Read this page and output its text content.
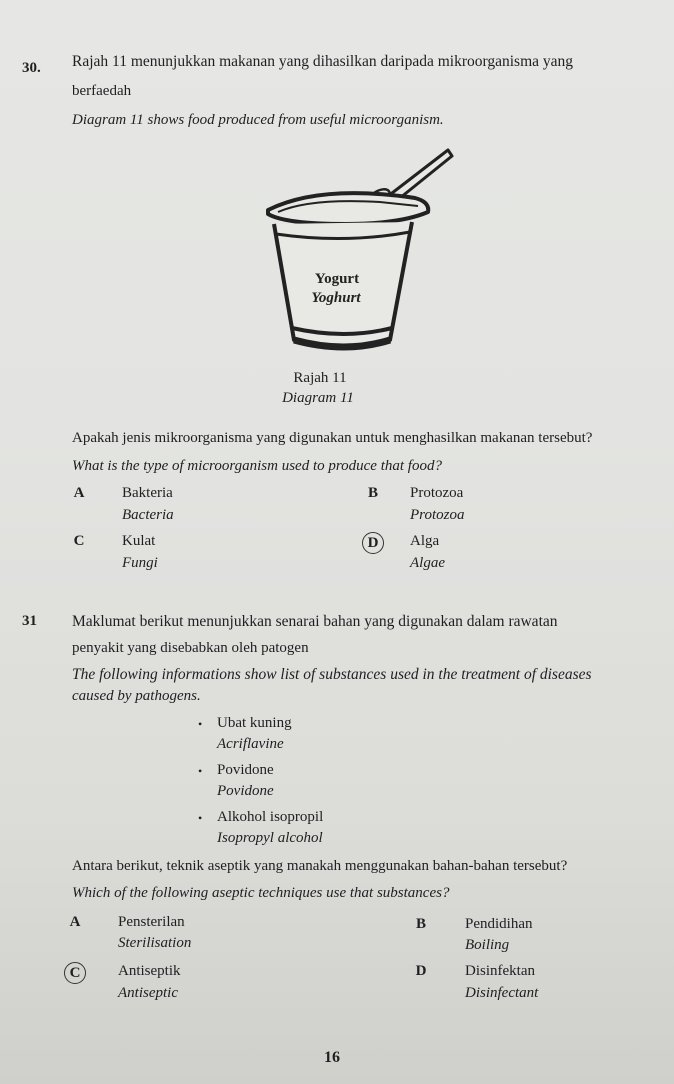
30. Rajah 11 menunjukkan makanan yang dihasilkan daripada mikroorganisma yang
berfaedah
Diagram 11 shows food produced from useful microorganism.
Yogurt
Yoghurt
Rajah 11
Diagram 11
Apakah jenis mikroorganisma yang digunakan untuk menghasilkan makanan tersebut?
What is the type of microorganism used to produce that food?
A	Bakteria
Bacteria
B	Protozoa
Protozoa
C	Kulat
Fungi
D	Alga
Algae
31 Maklumat berikut menunjukkan senarai bahan yang digunakan dalam rawatan
penyakit yang disebabkan oleh patogen
The following informations show list of substances used in the treatment of diseases
caused by pathogens.
• Ubat kuning
Acriflavine
• Povidone
Povidone
• Alkohol isopropil
Isopropyl alcohol
Antara berikut, teknik aseptik yang manakah menggunakan bahan-bahan tersebut?
Which of the following aseptic techniques use that substances?
A	Pensterilan
Sterilisation
B	Pendidihan
Boiling
C	Antiseptik
Antiseptic
D	Disinfektan
Disinfectant
16
